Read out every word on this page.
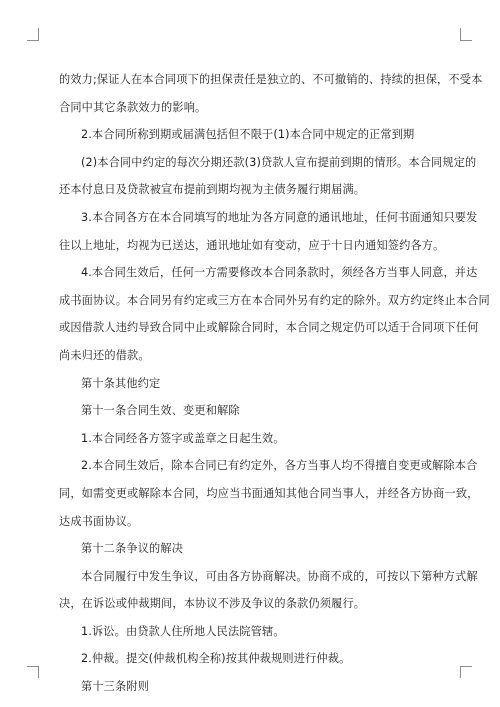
的效力;保证人在本合同项下的担保责任是独立的、不可撤销的、持续的担保，不受本
合同中其它条款效力的影响。
2.本合同所称到期或届满包括但不限于(1)本合同中规定的正常到期
(2)本合同中约定的每次分期还款(3)贷款人宣布提前到期的情形。本合同规定的
还本付息日及贷款被宣布提前到期均视为主债务履行期届满。
3.本合同各方在本合同填写的地址为各方同意的通讯地址，任何书面通知只要发
往以上地址，均视为已送达，通讯地址如有变动，应于十日内通知签约各方。
4.本合同生效后，任何一方需要修改本合同条款时，须经各方当事人同意，并达
成书面协议。本合同另有约定或三方在本合同外另有约定的除外。双方约定终止本合同
或因借款人违约导致合同中止或解除合同时，本合同之规定仍可以适于合同项下任何
尚未归还的借款。
第十条其他约定
第十一条合同生效、变更和解除
1.本合同经各方签字或盖章之日起生效。
2.本合同生效后，除本合同已有约定外，各方当事人均不得擅自变更或解除本合
同，如需变更或解除本合同，均应当书面通知其他合同当事人，并经各方协商一致，
达成书面协议。
第十二条争议的解决
本合同履行中发生争议，可由各方协商解决。协商不成的，可按以下第种方式解
决，在诉讼或仲裁期间，本协议不涉及争议的条款仍须履行。
1.诉讼。由贷款人住所地人民法院管辖。
2.仲裁。提交(仲裁机构全称)按其仲裁规则进行仲裁。
第十三条附则
